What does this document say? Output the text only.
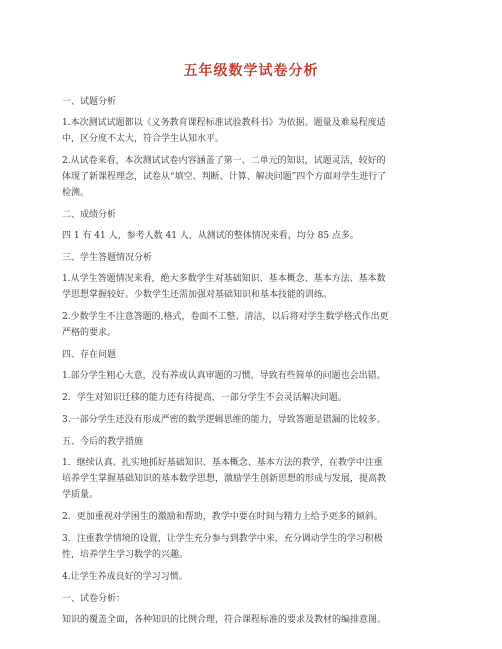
五年级数学试卷分析

一、试题分析

1.本次测试试题都以《义务教育课程标准试验教科书》为依据。题量及难易程度适

中，区分度不太大，符合学生认知水平。

2.从试卷来看，本次测试试卷内容涵盖了第一、二单元的知识，试题灵活，较好的

体现了新课程理念，试卷从“填空、判断、计算、解决问题”四个方面对学生进行了

检测。

二、成绩分析

四 1 有 41 人，参考人数 41 人，从测试的整体情况来看，均分 85 点多。

三、学生答题情况分析

1.从学生答题情况来看，绝大多数学生对基础知识、基本概念、基本方法、基本数

学思想掌握较好。少数学生还需加强对基础知识和基本技能的训练。

2.少数学生不注意答题的,格式，卷面不工整、清洁，以后将对学生数学格式作出更

严格的要求。

四、存在问题

1.部分学生粗心大意，没有养成认真审题的习惯，导致有些简单的问题也会出错。

2．学生对知识迁移的能力还有待提高，一部分学生不会灵活解决问题。

3.一部分学生还没有形成严密的数学逻辑思维的能力，导致答题是错漏的比较多。

五、今后的教学措施

1．继续认真、扎实地抓好基础知识、基本概念、基本方法的教学，在教学中注重

培养学生掌握基础知识的基本数学思想，激励学生创新思想的形成与发展，提高教

学质量。

2．更加重视对学困生的激励和帮助，教学中要在时间与精力上给予更多的倾斜。

3．注重教学情境的设置，让学生充分参与到教学中来，充分调动学生的学习积极

性，培养学生学习数学的兴趣。

4.让学生养成良好的学习习惯。

一、试卷分析：

知识的覆盖全面，各种知识的比例合理，符合课程标准的要求及教材的编排意图。
